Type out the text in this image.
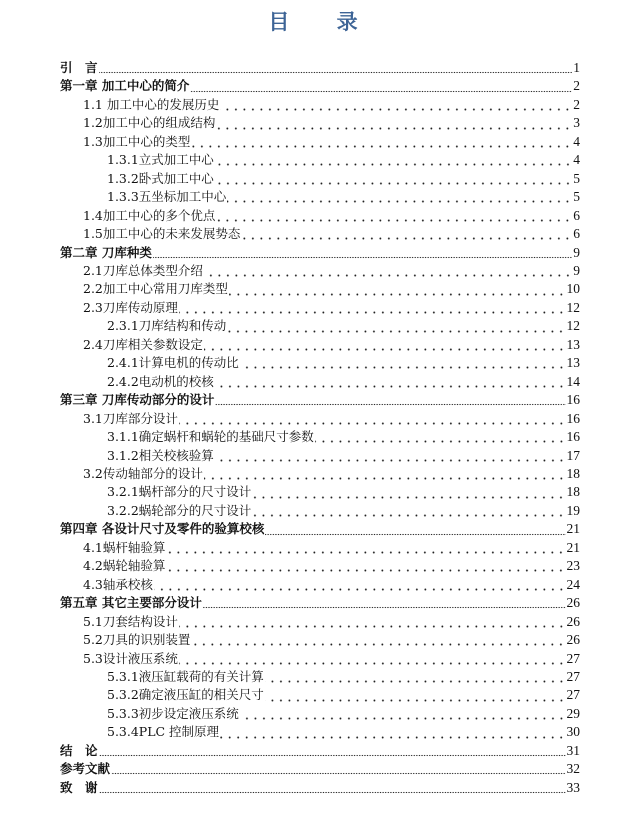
目 录
引　言	1
第一章 加工中心的简介	2
1.1 加工中心的发展历史	2
1.2加工中心的组成结构	3
1.3加工中心的类型	4
1.3.1立式加工中心	4
1.3.2卧式加工中心	5
1.3.3五坐标加工中心	5
1.4加工中心的多个优点	6
1.5加工中心的未来发展势态	6
第二章 刀库种类	9
2.1刀库总体类型介绍	9
2.2加工中心常用刀库类型	10
2.3刀库传动原理	12
2.3.1刀库结构和传动	12
2.4刀库相关参数设定	13
2.4.1计算电机的传动比	13
2.4.2电动机的校核	14
第三章 刀库传动部分的设计	16
3.1刀库部分设计	16
3.1.1确定蜗杆和蜗轮的基础尺寸参数	16
3.1.2相关校核验算	17
3.2传动轴部分的设计	18
3.2.1蜗杆部分的尺寸设计	18
3.2.2蜗轮部分的尺寸设计	19
第四章 各设计尺寸及零件的验算校核	21
4.1蜗杆轴验算	21
4.2蜗轮轴验算	23
4.3轴承校核	24
第五章 其它主要部分设计	26
5.1刀套结构设计	26
5.2刀具的识别装置	26
5.3设计液压系统	27
5.3.1液压缸载荷的有关计算	27
5.3.2确定液压缸的相关尺寸	27
5.3.3初步设定液压系统	29
5.3.4PLC 控制原理	30
结　论	31
参考文献	32
致　谢	33
